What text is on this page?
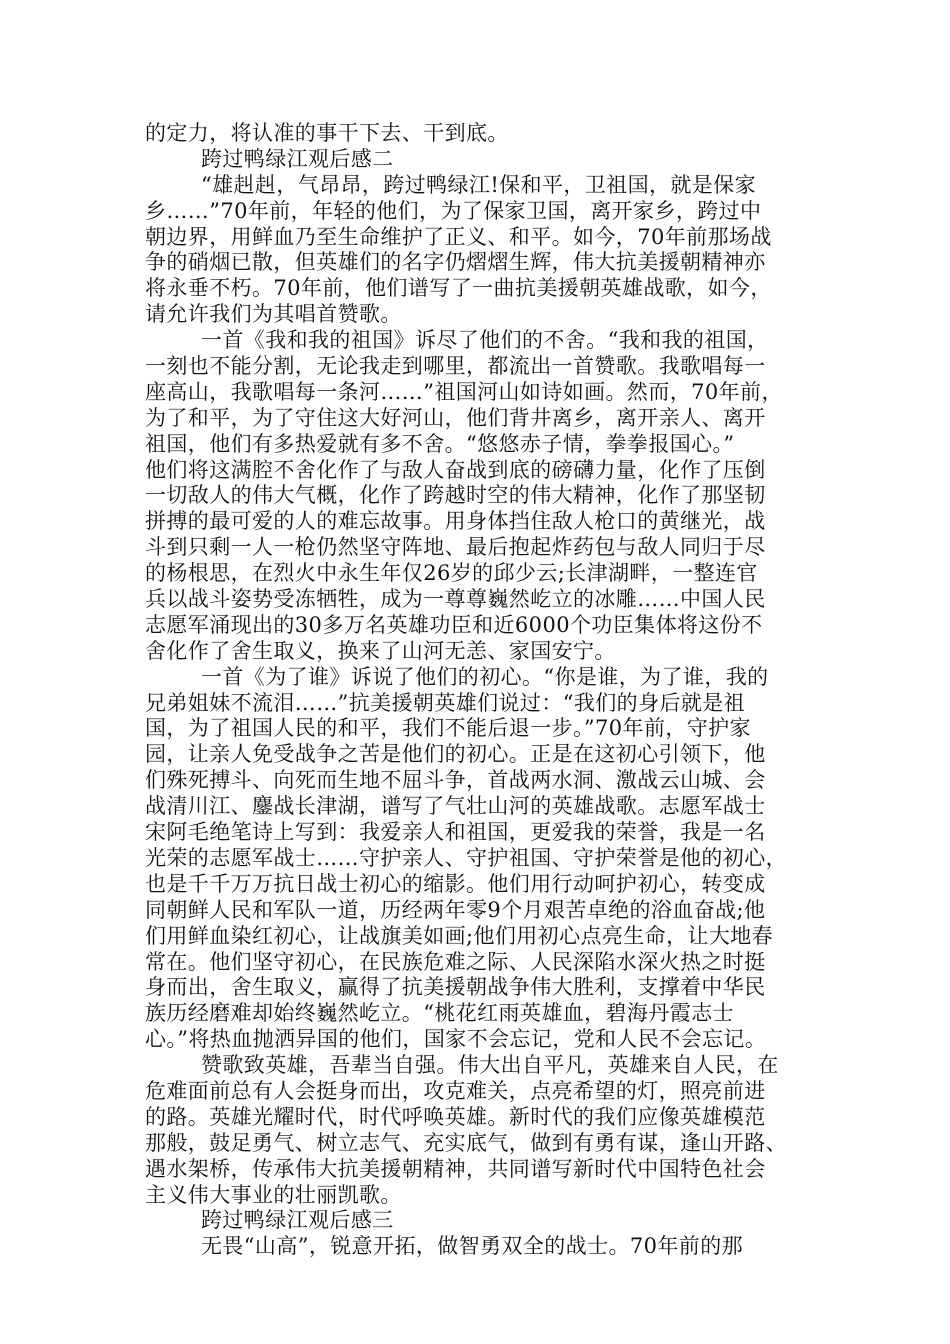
的定力，将认准的事干下去、干到底。
跨过鸭绿江观后感二
“雄赳赳，气昂昂，跨过鸭绿江!保和平，卫祖国，就是保家
乡……”70年前，年轻的他们，为了保家卫国，离开家乡，跨过中
朝边界，用鲜血乃至生命维护了正义、和平。如今，70年前那场战
争的硝烟已散，但英雄们的名字仍熠熠生辉，伟大抗美援朝精神亦
将永垂不朽。70年前，他们谱写了一曲抗美援朝英雄战歌，如今，
请允许我们为其唱首赞歌。
一首《我和我的祖国》诉尽了他们的不舍。“我和我的祖国，
一刻也不能分割，无论我走到哪里，都流出一首赞歌。我歌唱每一
座高山，我歌唱每一条河……”祖国河山如诗如画。然而，70年前，
为了和平，为了守住这大好河山，他们背井离乡，离开亲人、离开
祖国，他们有多热爱就有多不舍。“悠悠赤子情，拳拳报国心。”
他们将这满腔不舍化作了与敌人奋战到底的磅礴力量，化作了压倒
一切敌人的伟大气概，化作了跨越时空的伟大精神，化作了那坚韧
拼搏的最可爱的人的难忘故事。用身体挡住敌人枪口的黄继光，战
斗到只剩一人一枪仍然坚守阵地、最后抱起炸药包与敌人同归于尽
的杨根思，在烈火中永生年仅26岁的邱少云;长津湖畔，一整连官
兵以战斗姿势受冻牺牲，成为一尊尊巍然屹立的冰雕……中国人民
志愿军涌现出的30多万名英雄功臣和近6000个功臣集体将这份不
舍化作了舍生取义，换来了山河无恙、家国安宁。
一首《为了谁》诉说了他们的初心。“你是谁，为了谁，我的
兄弟姐妹不流泪……”抗美援朝英雄们说过：“我们的身后就是祖
国，为了祖国人民的和平，我们不能后退一步。”70年前，守护家
园，让亲人免受战争之苦是他们的初心。正是在这初心引领下，他
们殊死搏斗、向死而生地不屈斗争，首战两水洞、激战云山城、会
战清川江、鏖战长津湖，谱写了气壮山河的英雄战歌。志愿军战士
宋阿毛绝笔诗上写到：我爱亲人和祖国，更爱我的荣誉，我是一名
光荣的志愿军战士……守护亲人、守护祖国、守护荣誉是他的初心，
也是千千万万抗日战士初心的缩影。他们用行动呵护初心，转变成
同朝鲜人民和军队一道，历经两年零9个月艰苦卓绝的浴血奋战;他
们用鲜血染红初心，让战旗美如画;他们用初心点亮生命，让大地春
常在。他们坚守初心，在民族危难之际、人民深陷水深火热之时挺
身而出，舍生取义，赢得了抗美援朝战争伟大胜利，支撑着中华民
族历经磨难却始终巍然屹立。“桃花红雨英雄血，碧海丹霞志士
心。”将热血抛洒异国的他们，国家不会忘记，党和人民不会忘记。
赞歌致英雄，吾辈当自强。伟大出自平凡，英雄来自人民，在
危难面前总有人会挺身而出，攻克难关，点亮希望的灯，照亮前进
的路。英雄光耀时代，时代呼唤英雄。新时代的我们应像英雄模范
那般，鼓足勇气、树立志气、充实底气，做到有勇有谋，逢山开路、
遇水架桥，传承伟大抗美援朝精神，共同谱写新时代中国特色社会
主义伟大事业的壮丽凯歌。
跨过鸭绿江观后感三
无畏“山高”，锐意开拓，做智勇双全的战士。70年前的那
